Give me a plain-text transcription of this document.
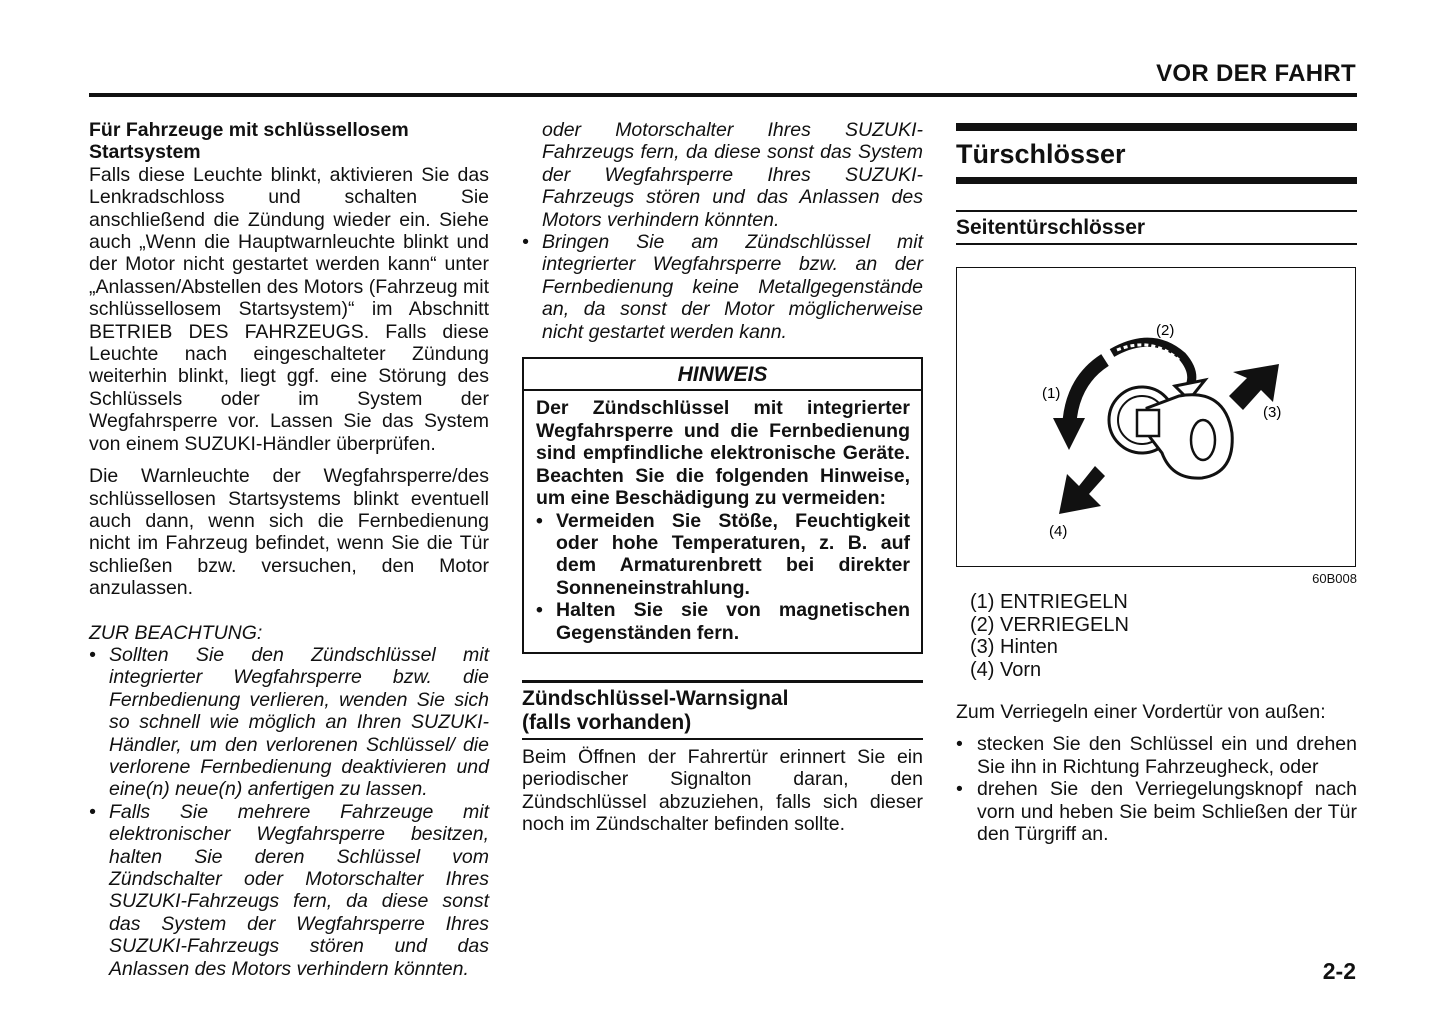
VOR DER FAHRT

Für Fahrzeuge mit schlüssellosem Startsystem

Falls diese Leuchte blinkt, aktivieren Sie das Lenkradschloss und schalten Sie anschließend die Zündung wieder ein. Siehe auch „Wenn die Hauptwarnleuchte blinkt und der Motor nicht gestartet werden kann“ unter „Anlassen/Abstellen des Motors (Fahrzeug mit schlüssellosem Startsystem)“ im Abschnitt BETRIEB DES FAHRZEUGS. Falls diese Leuchte nach eingeschalteter Zündung weiterhin blinkt, liegt ggf. eine Störung des Schlüssels oder im System der Wegfahrsperre vor. Lassen Sie das System von einem SUZUKI-Händler überprüfen.

Die Warnleuchte der Wegfahrsperre/des schlüssellosen Startsystems blinkt eventuell auch dann, wenn sich die Fernbedienung nicht im Fahrzeug befindet, wenn Sie die Tür schließen bzw. versuchen, den Motor anzulassen.

ZUR BEACHTUNG:

• Sollten Sie den Zündschlüssel mit integrierter Wegfahrsperre bzw. die Fernbedienung verlieren, wenden Sie sich so schnell wie möglich an Ihren SUZUKI-Händler, um den verlorenen Schlüssel/ die verlorene Fernbedienung deaktivieren und eine(n) neue(n) anfertigen zu lassen.
• Falls Sie mehrere Fahrzeuge mit elektronischer Wegfahrsperre besitzen, halten Sie deren Schlüssel vom Zündschalter oder Motorschalter Ihres SUZUKI-Fahrzeugs fern, da diese sonst das System der Wegfahrsperre Ihres SUZUKI-Fahrzeugs stören und das Anlassen des Motors verhindern könnten.
oder Motorschalter Ihres SUZUKI-Fahrzeugs fern, da diese sonst das System der Wegfahrsperre Ihres SUZUKI-Fahrzeugs stören und das Anlassen des Motors verhindern könnten.
• Bringen Sie am Zündschlüssel mit integrierter Wegfahrsperre bzw. an der Fernbedienung keine Metallgegenstände an, da sonst der Motor möglicherweise nicht gestartet werden kann.
HINWEIS

Der Zündschlüssel mit integrierter Wegfahrsperre und die Fernbedienung sind empfindliche elektronische Geräte. Beachten Sie die folgenden Hinweise, um eine Beschädigung zu vermeiden:

• Vermeiden Sie Stöße, Feuchtigkeit oder hohe Temperaturen, z. B. auf dem Armaturenbrett bei direkter Sonneneinstrahlung.
• Halten Sie sie von magnetischen Gegenständen fern.
Zündschlüssel-Warnsignal
(falls vorhanden)

Beim Öffnen der Fahrertür erinnert Sie ein periodischer Signalton daran, den Zündschlüssel abzuziehen, falls sich dieser noch im Zündschalter befinden sollte.

Türschlösser
Seitentürschlösser
(2)
(1)
(3)
(4)
60B008
(1) ENTRIEGELN
(2) VERRIEGELN
(3) Hinten
(4) Vorn

Zum Verriegeln einer Vordertür von außen:

• stecken Sie den Schlüssel ein und drehen Sie ihn in Richtung Fahrzeugheck, oder
• drehen Sie den Verriegelungsknopf nach vorn und heben Sie beim Schließen der Tür den Türgriff an.
2-2
